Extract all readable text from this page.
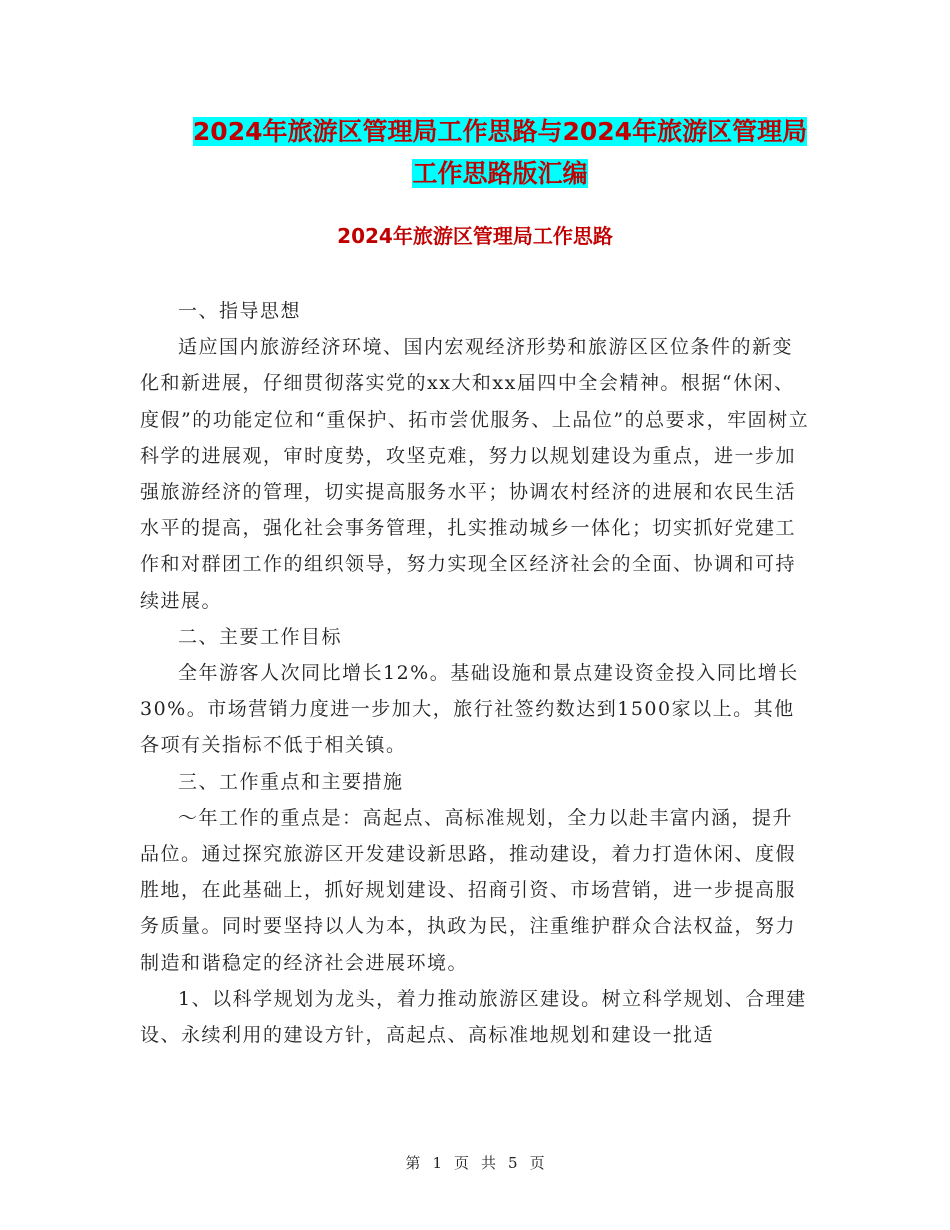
2024年旅游区管理局工作思路与2024年旅游区管理局
工作思路版汇编
2024年旅游区管理局工作思路

一、指导思想

适应国内旅游经济环境、国内宏观经济形势和旅游区区位条件的新变化和新进展，仔细贯彻落实党的xx大和xx届四中全会精神。根据“休闲、度假”的功能定位和“重保护、拓市尝优服务、上品位”的总要求，牢固树立科学的进展观，审时度势，攻坚克难，努力以规划建设为重点，进一步加强旅游经济的管理，切实提高服务水平；协调农村经济的进展和农民生活水平的提高，强化社会事务管理，扎实推动城乡一体化；切实抓好党建工作和对群团工作的组织领导，努力实现全区经济社会的全面、协调和可持续进展。

二、主要工作目标

全年游客人次同比增长12%。基础设施和景点建设资金投入同比增长30%。市场营销力度进一步加大，旅行社签约数达到1500家以上。其他各项有关指标不低于相关镇。

三、工作重点和主要措施

～年工作的重点是：高起点、高标准规划，全力以赴丰富内涵，提升品位。通过探究旅游区开发建设新思路，推动建设，着力打造休闲、度假胜地，在此基础上，抓好规划建设、招商引资、市场营销，进一步提高服务质量。同时要坚持以人为本，执政为民，注重维护群众合法权益，努力制造和谐稳定的经济社会进展环境。

1、以科学规划为龙头，着力推动旅游区建设。树立科学规划、合理建设、永续利用的建设方针，高起点、高标准地规划和建设一批适

第 1 页 共 5 页
